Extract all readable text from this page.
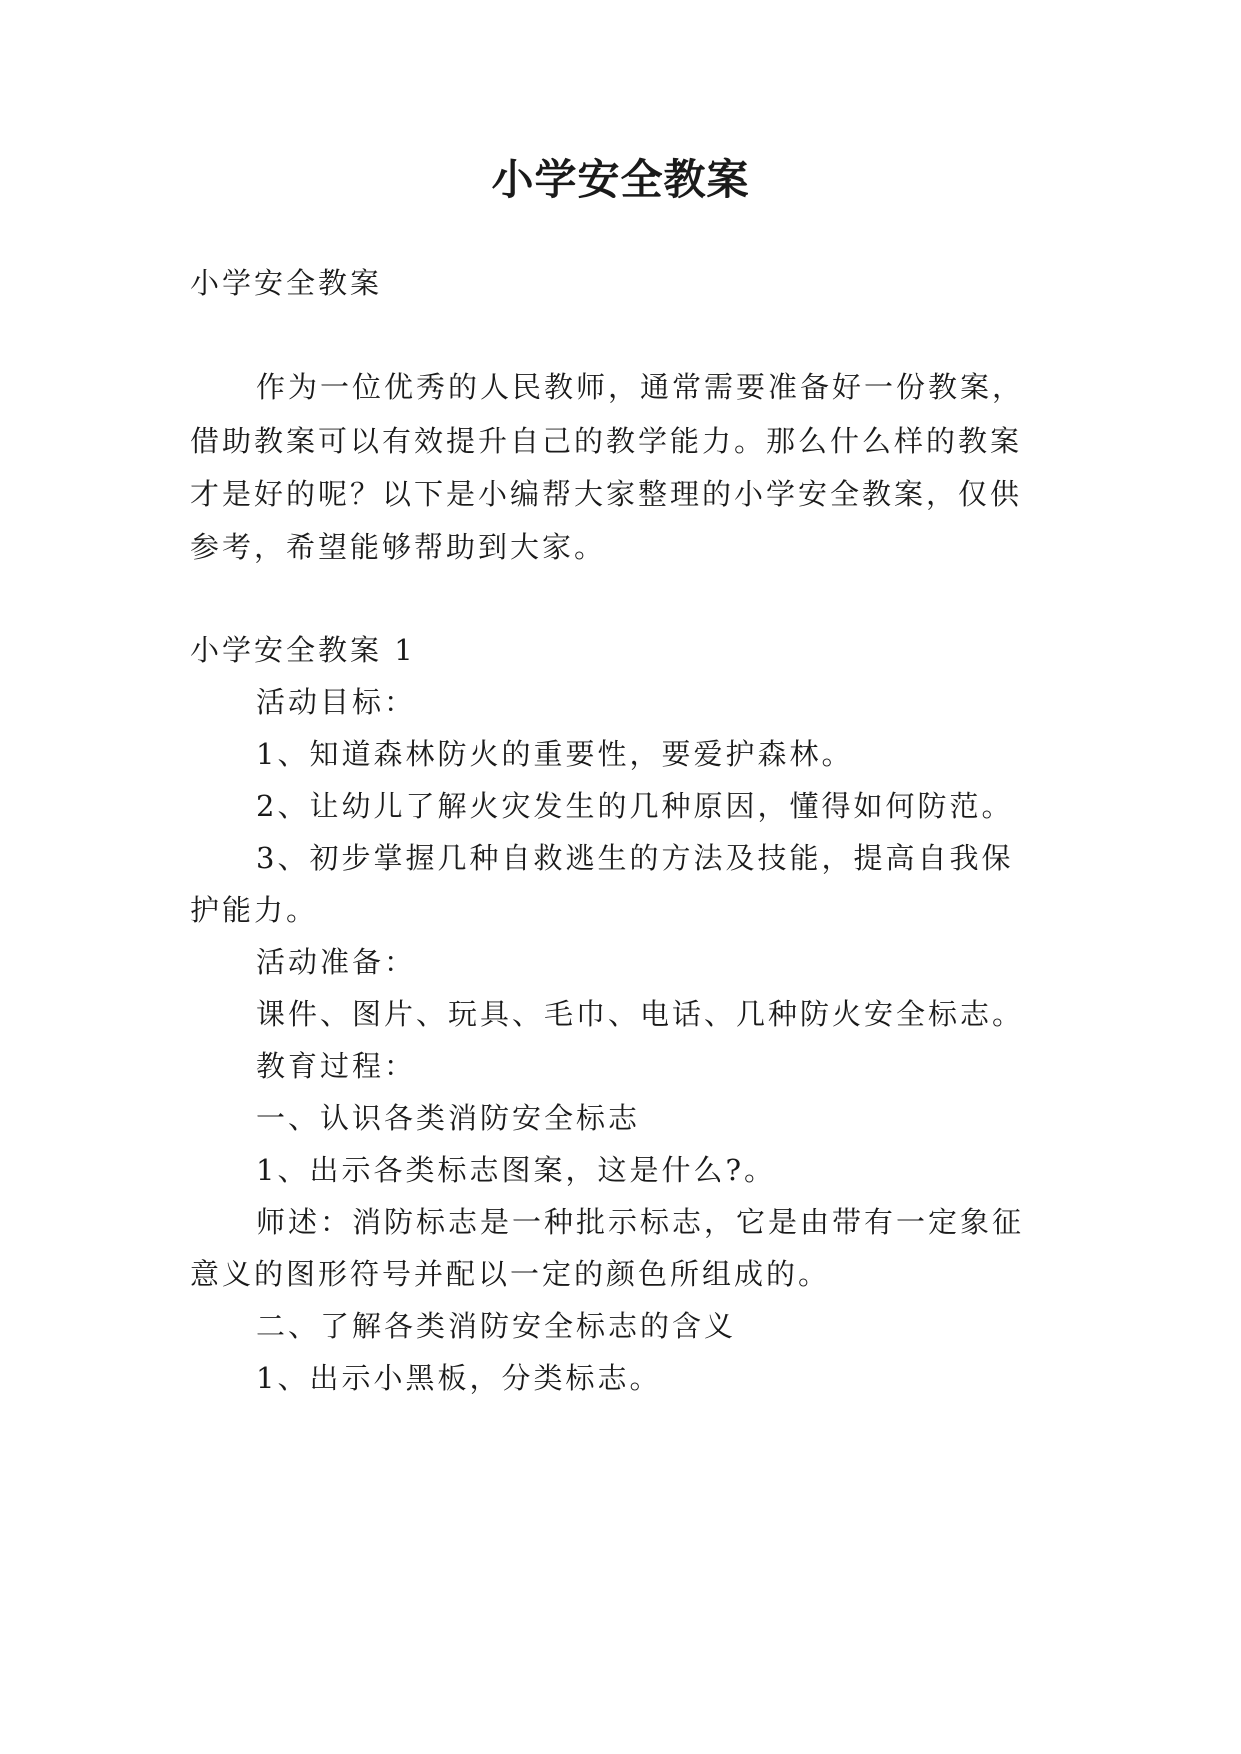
小学安全教案

小学安全教案

作为一位优秀的人民教师，通常需要准备好一份教案，

借助教案可以有效提升自己的教学能力。那么什么样的教案

才是好的呢？以下是小编帮大家整理的小学安全教案，仅供

参考，希望能够帮助到大家。

小学安全教案 1

活动目标：

1、知道森林防火的重要性，要爱护森林。

2、让幼儿了解火灾发生的几种原因，懂得如何防范。

3、初步掌握几种自救逃生的方法及技能，提高自我保

护能力。

活动准备：

课件、图片、玩具、毛巾、电话、几种防火安全标志。

教育过程：

一、认识各类消防安全标志

1、出示各类标志图案，这是什么?。

师述：消防标志是一种批示标志，它是由带有一定象征

意义的图形符号并配以一定的颜色所组成的。

二、了解各类消防安全标志的含义

1、出示小黑板，分类标志。
